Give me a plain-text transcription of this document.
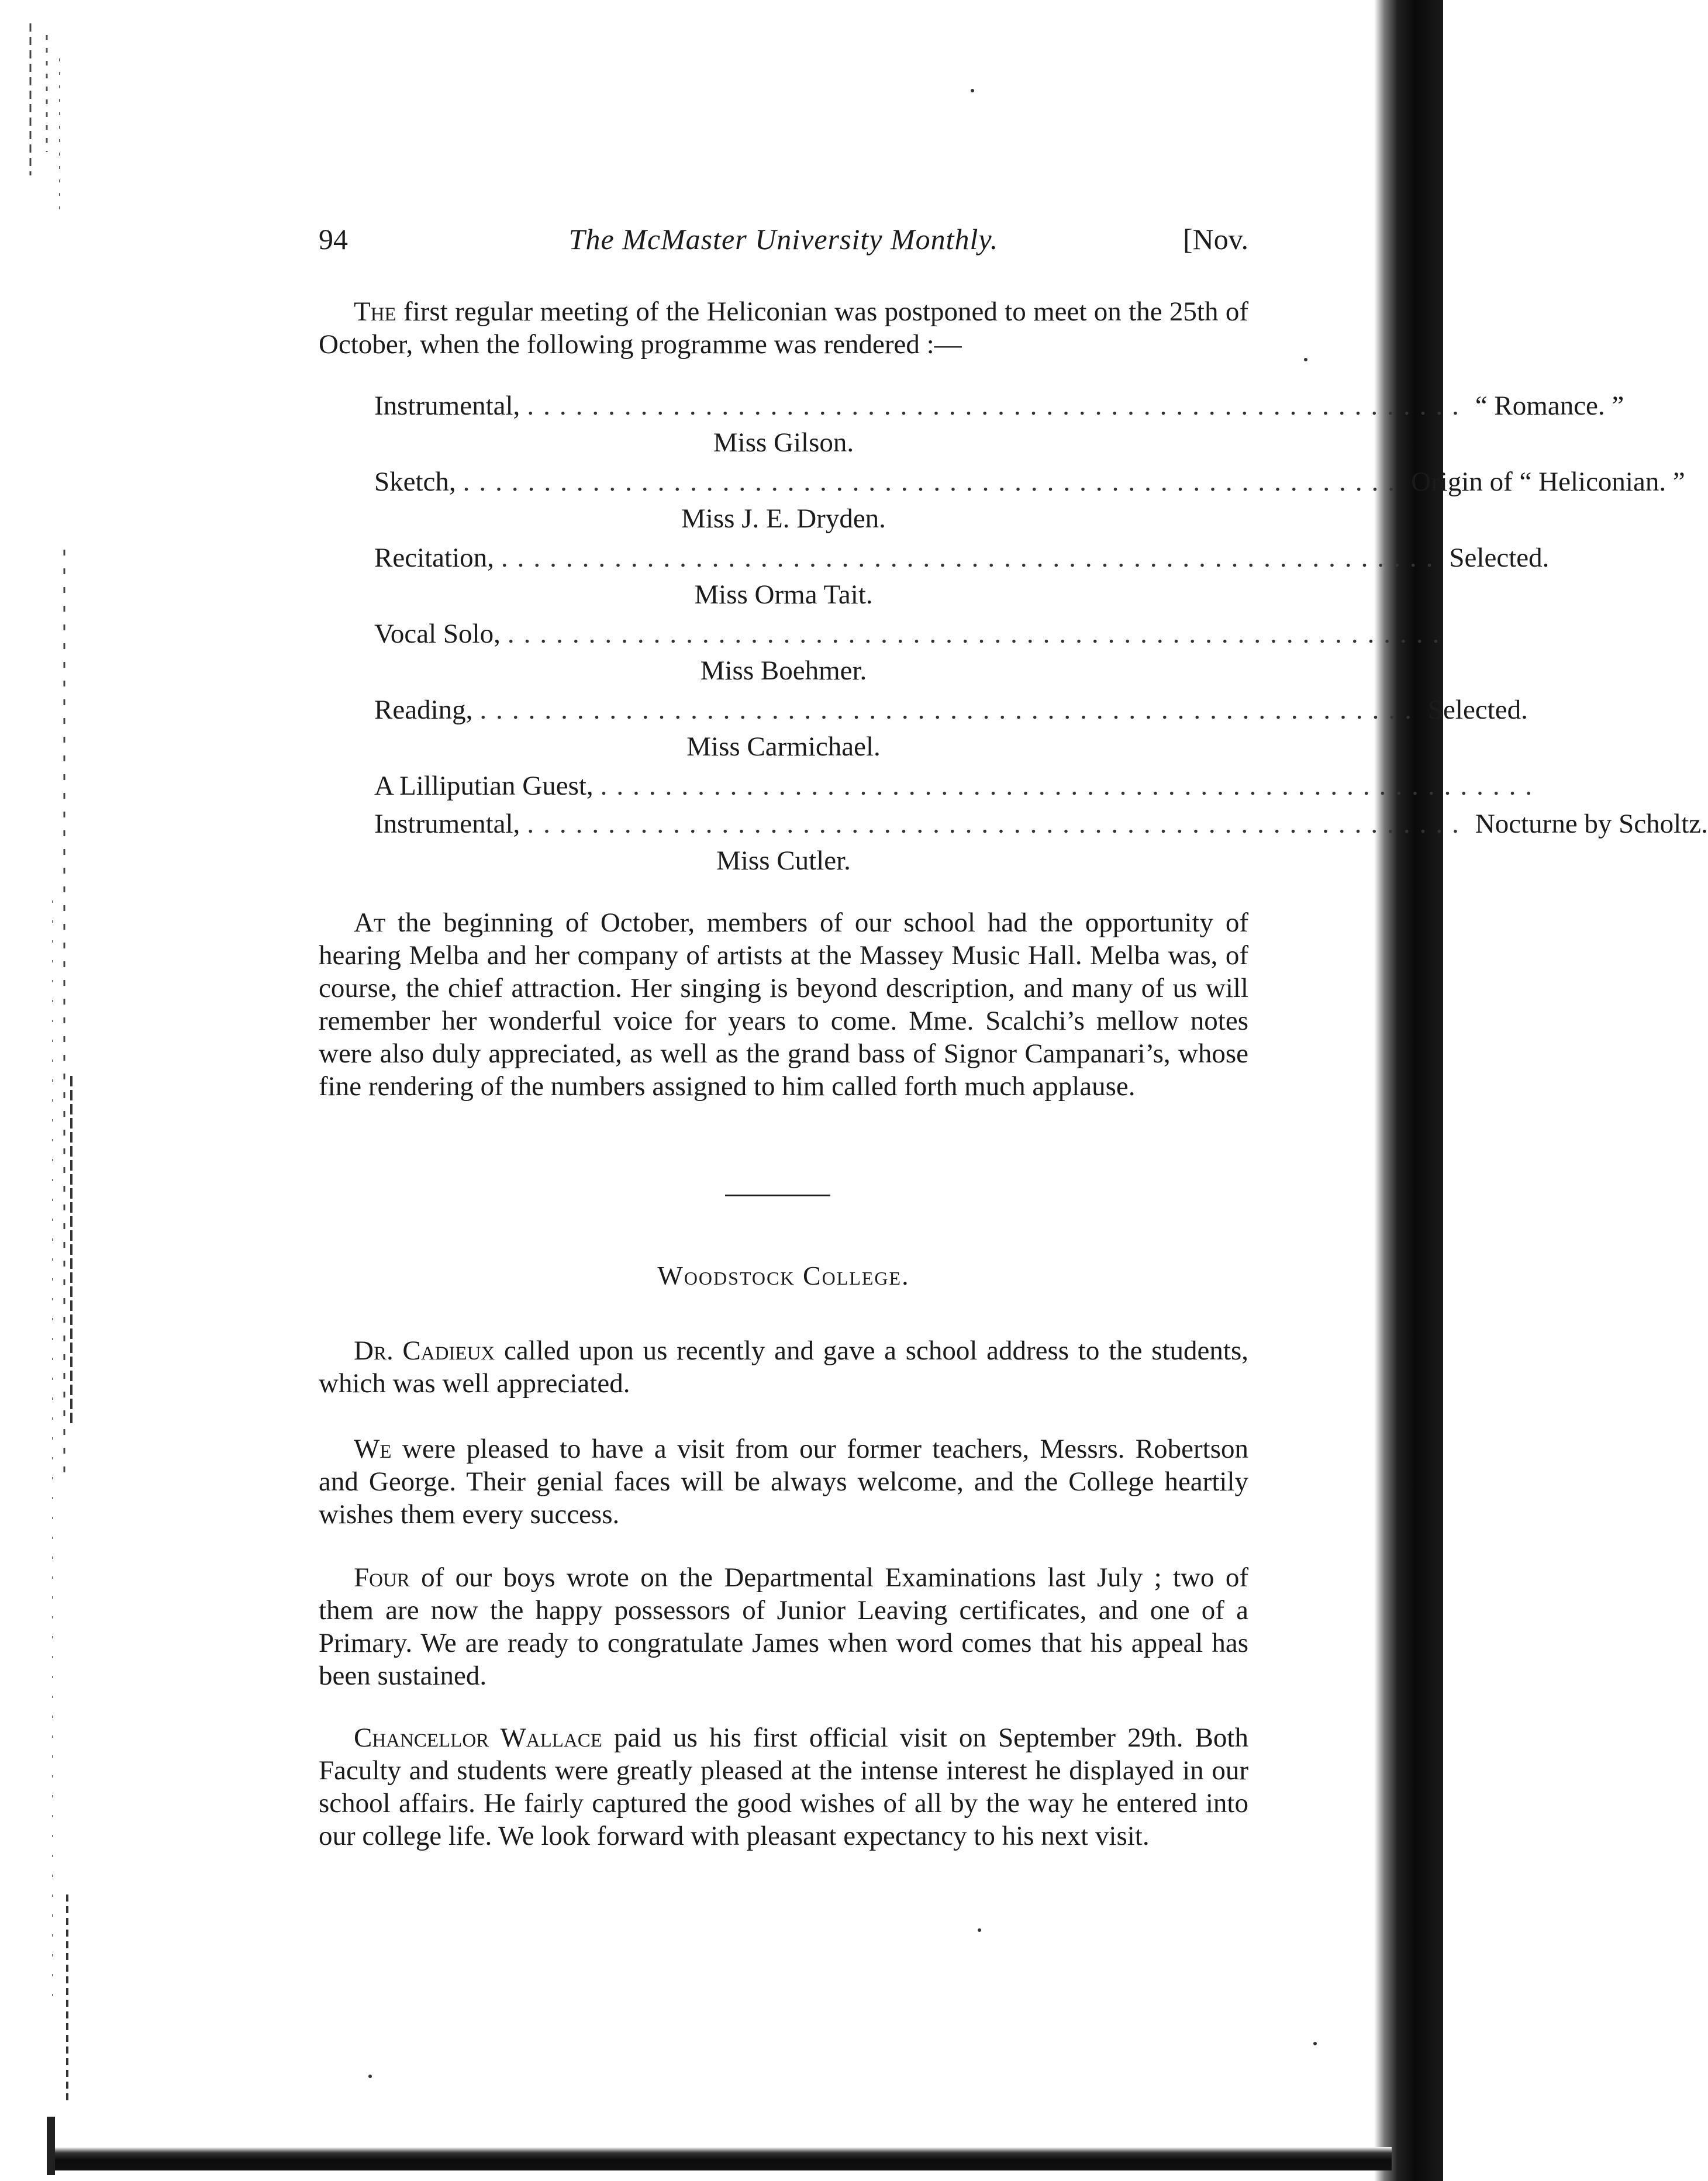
94	The McMaster University Monthly.	[Nov.

The first regular meeting of the Heliconian was postponed to meet on the 25th of October, when the following programme was rendered :—

Instrumental, .......................................................... “ Romance. ”
Miss Gilson.
Sketch, .......................................................... Origin of “ Heliconian. ”
Miss J. E. Dryden.
Recitation, .......................................................... Selected.
Miss Orma Tait.
Vocal Solo, ..........................................................
Miss Boehmer.
Reading, .......................................................... Selected.
Miss Carmichael.
A Lilliputian Guest, ..........................................................
Instrumental, .......................................................... Nocturne by Scholtz.
Miss Cutler.

At the beginning of October, members of our school had the opportunity of hearing Melba and her company of artists at the Massey Music Hall. Melba was, of course, the chief attraction. Her singing is beyond description, and many of us will remember her wonderful voice for years to come. Mme. Scalchi’s mellow notes were also duly appreciated, as well as the grand bass of Signor Campanari’s, whose fine rendering of the numbers assigned to him called forth much applause.

Woodstock College.

Dr. Cadieux called upon us recently and gave a school address to the students, which was well appreciated.

We were pleased to have a visit from our former teachers, Messrs. Robertson and George. Their genial faces will be always welcome, and the College heartily wishes them every success.

Four of our boys wrote on the Departmental Examinations last July ; two of them are now the happy possessors of Junior Leaving certificates, and one of a Primary. We are ready to congratulate James when word comes that his appeal has been sustained.

Chancellor Wallace paid us his first official visit on September 29th. Both Faculty and students were greatly pleased at the intense interest he displayed in our school affairs. He fairly captured the good wishes of all by the way he entered into our college life. We look forward with pleasant expectancy to his next visit.
